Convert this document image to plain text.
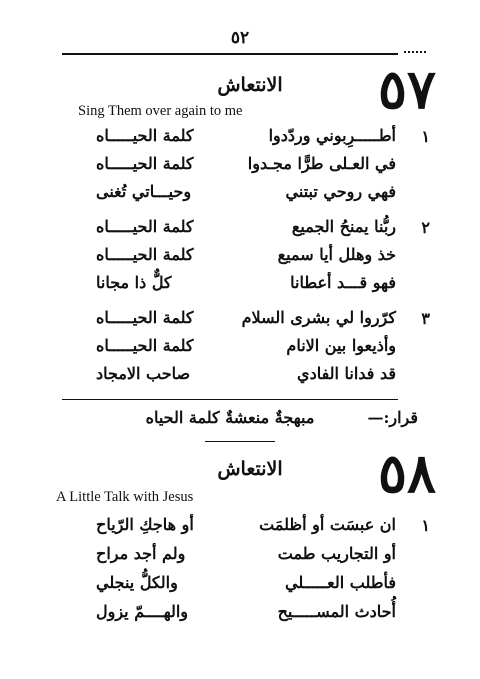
٥٢
٥٧
الانتعاش
Sing Them over again to me
١
أطـــــرِبوني وردّدوا
كلمة الحيـــــاه
في العـلى طرًّا مجـدوا
كلمة الحيـــــاه
فهي روحي تبتني
وحيـــاتي تُغنى
٢
ربُّنا يمنحُ الجميع
كلمة الحيـــــاه
خذ وهلل أيا سميع
كلمة الحيـــــاه
فهو قـــد أعطانا
كلٌّ ذا مجانا
٣
كرّروا لي بشرى السلام
كلمة الحيـــــاه
وأذيعوا بين الانام
كلمة الحيـــــاه
قد فدانا الفادي
صاحب الامجاد
قرار:—
مبهجةٌ منعشةٌ كلمة الحياه
٥٨
الانتعاش
A Little Talk with Jesus
١
ان عبسَت أو أظلمَت
أو هاجكِ الرّياح
أو التجاريب طمت
ولم أجد مراح
فأطلب العـــــلي
والكلُّ ينجلي
أُحادث المســـــيح
والهــــمّ يزول
